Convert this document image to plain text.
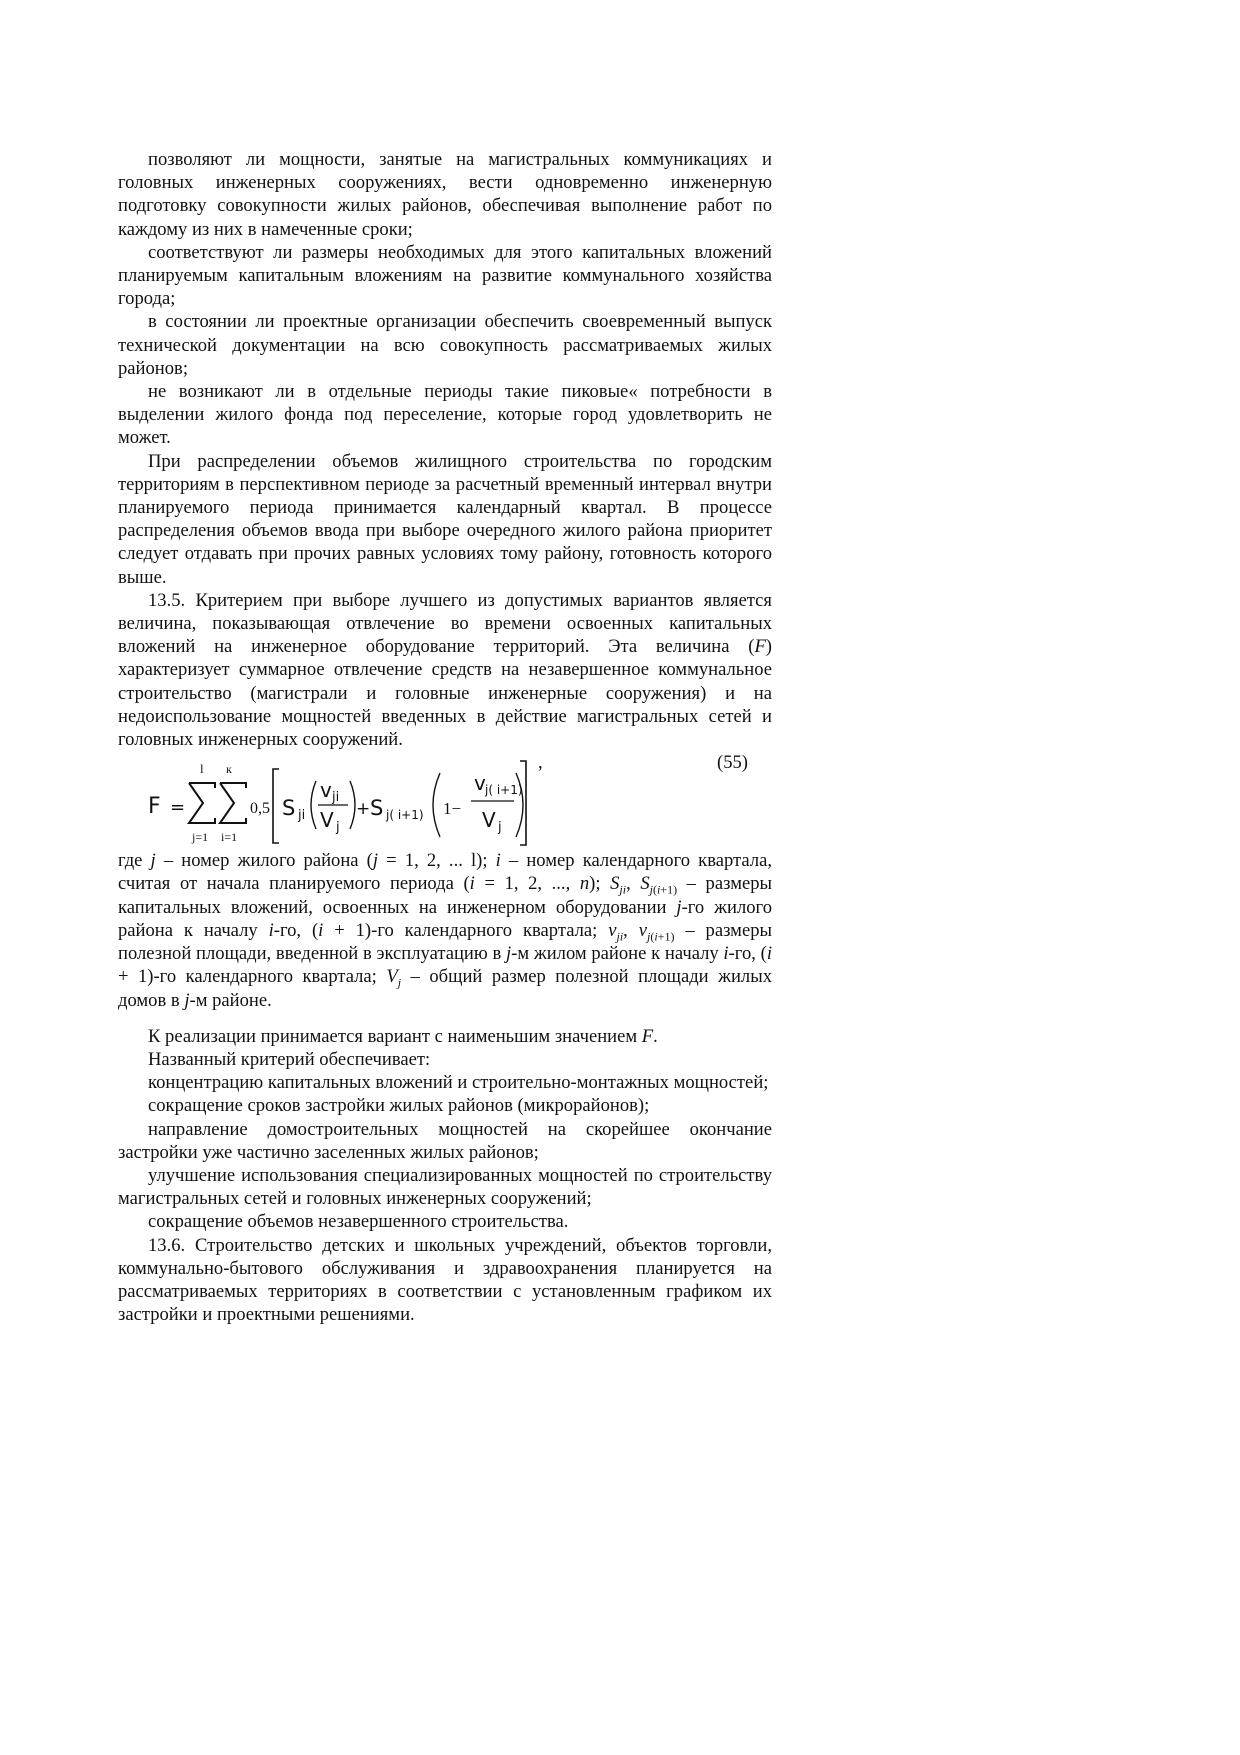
позволяют ли мощности, занятые на магистральных коммуникациях и головных инженерных сооружениях, вести одновременно инженерную подготовку совокупности жилых районов, обеспечивая выполнение работ по каждому из них в намеченные сроки;

соответствуют ли размеры необходимых для этого капитальных вложений планируемым капитальным вложениям на развитие коммунального хозяйства города;

в состоянии ли проектные организации обеспечить своевременный выпуск технической документации на всю совокупность рассматриваемых жилых районов;

не возникают ли в отдельные периоды такие пиковые« потребности в выделении жилого фонда под переселение, которые город удовлетворить не может.

При распределении объемов жилищного строительства по городским территориям в перспективном периоде за расчетный временный интервал внутри планируемого периода принимается календарный квартал. В процессе распределения объемов ввода при выборе очередного жилого района приоритет следует отдавать при прочих равных условиях тому району, готовность которого выше.

13.5. Критерием при выборе лучшего из допустимых вариантов является величина, показывающая отвлечение во времени освоенных капитальных вложений на инженерное оборудование территорий. Эта величина (F) характеризует суммарное отвлечение средств на незавершенное коммунальное строительство (магистрали и головные инженерные сооружения) и на недоиспользование мощностей введенных в действие магистральных сетей и головных инженерных сооружений.

F =
l
j=1
к
i=1
0,5 S ji
v ji
V j
+ S j( i+1) 1−
v j( i+1)
V j
,	(55)

где j – номер жилого района (j = 1, 2, ... l); i – номер календарного квартала, считая от начала планируемого периода (i = 1, 2, ..., n); $S_{ji}$, $S_{j(i+1)}$ – размеры капитальных вложений, освоенных на инженерном оборудовании j-го жилого района к началу i-го, (i + 1)-го календарного квартала; $v_{ji}$, $v_{j(i+1)}$ – размеры полезной площади, введенной в эксплуатацию в j-м жилом районе к началу i-го, (i + 1)-го календарного квартала; $V_j$ – общий размер полезной площади жилых домов в j-м районе.

К реализации принимается вариант с наименьшим значением F.

Названный критерий обеспечивает:

концентрацию капитальных вложений и строительно-монтажных мощностей;

сокращение сроков застройки жилых районов (микрорайонов);

направление домостроительных мощностей на скорейшее окончание застройки уже частично заселенных жилых районов;

улучшение использования специализированных мощностей по строительству магистральных сетей и головных инженерных сооружений;

сокращение объемов незавершенного строительства.

13.6. Строительство детских и школьных учреждений, объектов торговли, коммунально-бытового обслуживания и здравоохранения планируется на рассматриваемых территориях в соответствии с установленным графиком их застройки и проектными решениями.
